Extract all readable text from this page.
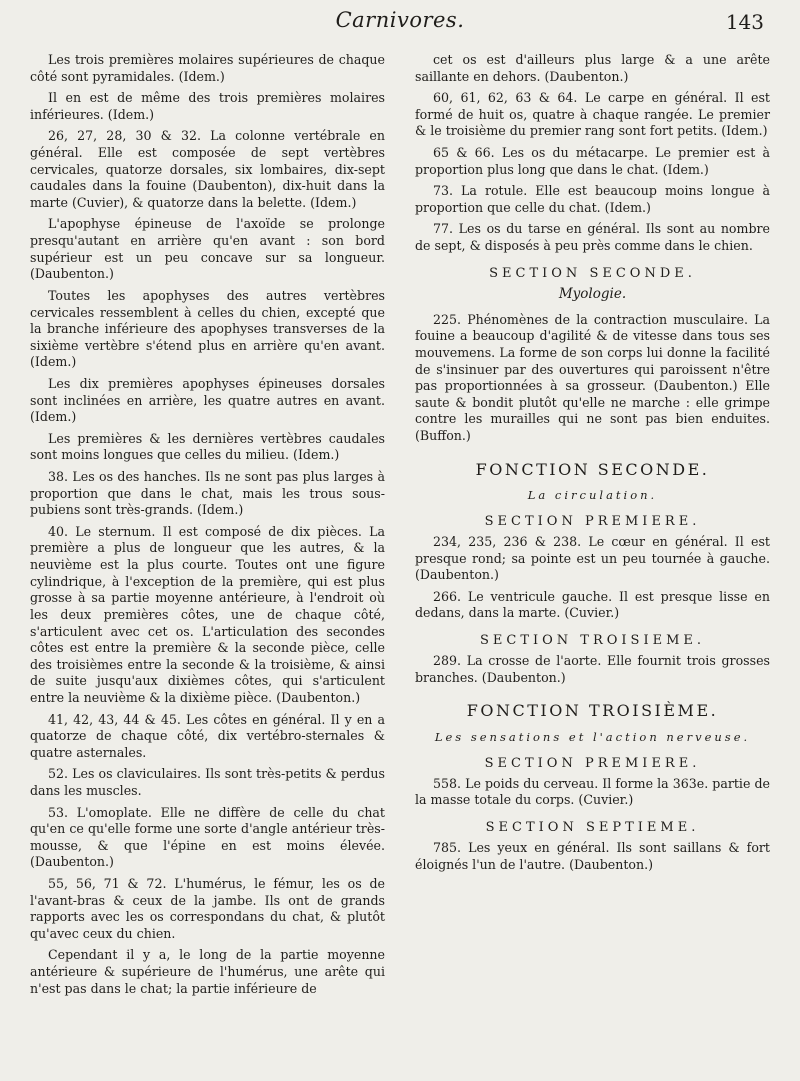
Carnivores.	143

Les trois premières molaires supérieures de chaque côté sont pyramidales. (Idem.)

Il en est de même des trois premières molaires inférieures. (Idem.)

26, 27, 28, 30 & 32. La colonne vertébrale en général. Elle est composée de sept vertèbres cervicales, quatorze dorsales, six lombaires, dix-sept caudales dans la fouine (Daubenton), dix-huit dans la marte (Cuvier), & quatorze dans la belette. (Idem.)

L'apophyse épineuse de l'axoïde se prolonge presqu'autant en arrière qu'en avant : son bord supérieur est un peu concave sur sa longueur. (Daubenton.)

Toutes les apophyses des autres vertèbres cervicales ressemblent à celles du chien, excepté que la branche inférieure des apophyses transverses de la sixième vertèbre s'étend plus en arrière qu'en avant. (Idem.)

Les dix premières apophyses épineuses dorsales sont inclinées en arrière, les quatre autres en avant. (Idem.)

Les premières & les dernières vertèbres caudales sont moins longues que celles du milieu. (Idem.)

38. Les os des hanches. Ils ne sont pas plus larges à proportion que dans le chat, mais les trous sous-pubiens sont très-grands. (Idem.)

40. Le sternum. Il est composé de dix pièces. La première a plus de longueur que les autres, & la neuvième est la plus courte. Toutes ont une figure cylindrique, à l'exception de la première, qui est plus grosse à sa partie moyenne antérieure, à l'endroit où les deux premières côtes, une de chaque côté, s'articulent avec cet os. L'articulation des secondes côtes est entre la première & la seconde pièce, celle des troisièmes entre la seconde & la troisième, & ainsi de suite jusqu'aux dixièmes côtes, qui s'articulent entre la neuvième & la dixième pièce. (Daubenton.)

41, 42, 43, 44 & 45. Les côtes en général. Il y en a quatorze de chaque côté, dix vertébro-sternales & quatre asternales.

52. Les os claviculaires. Ils sont très-petits & perdus dans les muscles.

53. L'omoplate. Elle ne diffère de celle du chat qu'en ce qu'elle forme une sorte d'angle antérieur très-mousse, & que l'épine en est moins élevée. (Daubenton.)

55, 56, 71 & 72. L'humérus, le fémur, les os de l'avant-bras & ceux de la jambe. Ils ont de grands rapports avec les os correspondans du chat, & plutôt qu'avec ceux du chien.

Cependant il y a, le long de la partie moyenne antérieure & supérieure de l'humérus, une arête qui n'est pas dans le chat; la partie inférieure de

cet os est d'ailleurs plus large & a une arête saillante en dehors. (Daubenton.)

60, 61, 62, 63 & 64. Le carpe en général. Il est formé de huit os, quatre à chaque rangée. Le premier & le troisième du premier rang sont fort petits. (Idem.)

65 & 66. Les os du métacarpe. Le premier est à proportion plus long que dans le chat. (Idem.)

73. La rotule. Elle est beaucoup moins longue à proportion que celle du chat. (Idem.)

77. Les os du tarse en général. Ils sont au nombre de sept, & disposés à peu près comme dans le chien.

SECTION SECONDE.
Myologie.

225. Phénomènes de la contraction musculaire. La fouine a beaucoup d'agilité & de vitesse dans tous ses mouvemens. La forme de son corps lui donne la facilité de s'insinuer par des ouvertures qui paroissent n'être pas proportionnées à sa grosseur. (Daubenton.) Elle saute & bondit plutôt qu'elle ne marche : elle grimpe contre les murailles qui ne sont pas bien enduites. (Buffon.)

FONCTION SECONDE.
La circulation.
SECTION PREMIERE.

234, 235, 236 & 238. Le cœur en général. Il est presque rond; sa pointe est un peu tournée à gauche. (Daubenton.)

266. Le ventricule gauche. Il est presque lisse en dedans, dans la marte. (Cuvier.)

SECTION TROISIEME.

289. La crosse de l'aorte. Elle fournit trois grosses branches. (Daubenton.)

FONCTION TROISIÈME.
Les sensations et l'action nerveuse.
SECTION PREMIERE.

558. Le poids du cerveau. Il forme la 363e. partie de la masse totale du corps. (Cuvier.)

SECTION SEPTIEME.

785. Les yeux en général. Ils sont saillans & fort éloignés l'un de l'autre. (Daubenton.)
